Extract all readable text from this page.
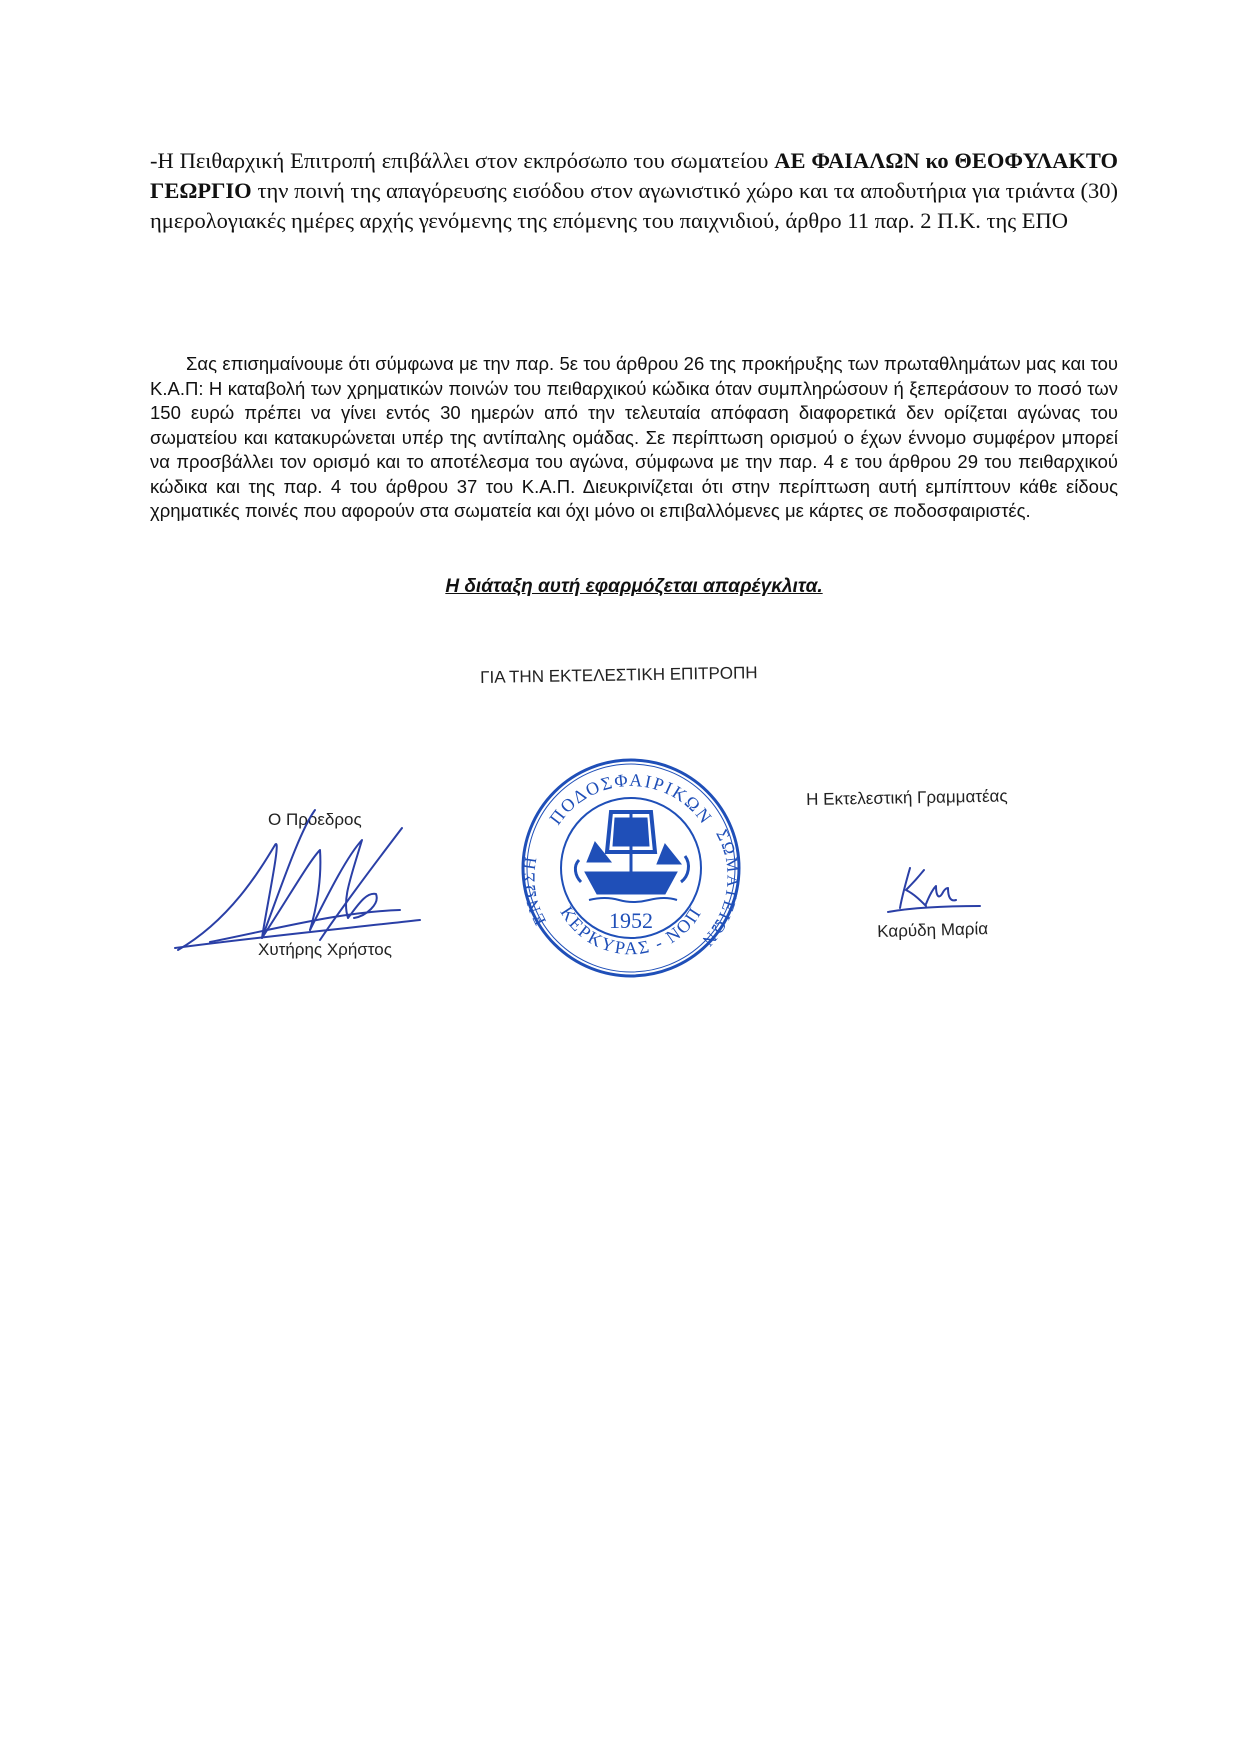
-Η Πειθαρχική Επιτροπή επιβάλλει στον εκπρόσωπο του σωματείου ΑΕ ΦΑΙΑΛΩΝ κο ΘΕΟΦΥΛΑΚΤΟ ΓΕΩΡΓΙΟ την ποινή της απαγόρευσης εισόδου στον αγωνιστικό χώρο και τα αποδυτήρια για τριάντα (30) ημερολογιακές ημέρες αρχής γενόμενης της επόμενης του παιχνιδιού, άρθρο 11 παρ. 2 Π.Κ. της ΕΠΟ
Σας επισημαίνουμε ότι σύμφωνα με την παρ. 5ε του άρθρου 26 της προκήρυξης των πρωταθλημάτων μας και του Κ.Α.Π: Η καταβολή των χρηματικών ποινών του πειθαρχικού κώδικα όταν συμπληρώσουν ή ξεπεράσουν το ποσό των 150 ευρώ πρέπει να γίνει εντός 30 ημερών από την τελευταία απόφαση διαφορετικά δεν ορίζεται αγώνας του σωματείου και κατακυρώνεται υπέρ της αντίπαλης ομάδας. Σε περίπτωση ορισμού ο έχων έννομο συμφέρον μπορεί να προσβάλλει τον ορισμό και το αποτέλεσμα του αγώνα, σύμφωνα με την παρ. 4 ε του άρθρου 29 του πειθαρχικού κώδικα και της παρ. 4 του άρθρου 37 του Κ.Α.Π. Διευκρινίζεται ότι στην περίπτωση αυτή εμπίπτουν κάθε είδους χρηματικές ποινές που αφορούν στα σωματεία και όχι μόνο οι επιβαλλόμενες με κάρτες σε ποδοσφαιριστές.
Η διάταξη αυτή εφαρμόζεται απαρέγκλιτα.
ΓΙΑ ΤΗΝ ΕΚΤΕΛΕΣΤΙΚΗ ΕΠΙΤΡΟΠΗ
Ο Πρόεδρος
Χυτήρης Χρήστος
ΠΟΔΟΣΦΑΙΡΙΚΩΝ
ΚΕΡΚΥΡΑΣ - ΝΟΠ
ΕΝΩΣΗ
ΣΩΜΑΤΕΙΩΝ
1952
Η Εκτελεστική Γραμματέας
Καρύδη Μαρία
